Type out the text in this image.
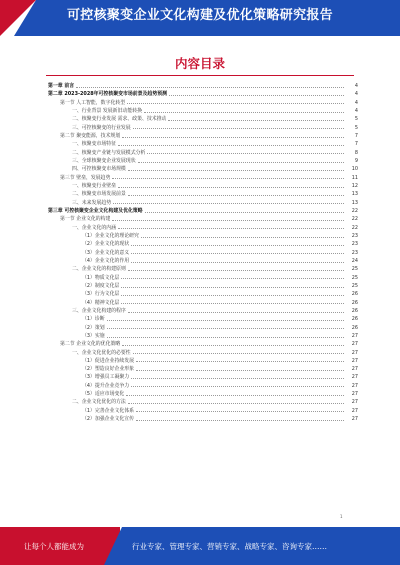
可控核聚变企业文化构建及优化策略研究报告
内容目录
第一章 前言	4
第二章 2023-2028年可控核聚变市场前景及趋势预测	4
第一节 人工智能，数字化转型	4
一、行业背景 发展新旧动能转换	4
二、核聚变行业发展 需求、政策、技术推动	5
三、可控核聚变的行业发展	5
第二节 聚变能源，技术规划	7
一、核聚变市场特征	7
二、核聚变产业链与发展模式分析	8
三、全球核聚变企业发展现状	9
四、可控核聚变市场规模	10
第三节 壁垒，发展趋势	11
一、核聚变行业壁垒	12
二、核聚变市场发展前景	13
三、未来发展趋势	13
第三章 可控核聚变企业文化构建及优化策略	22
第一节 企业文化的构建	22
一、企业文化的内涵	22
（1）企业文化的理论研究	23
（2）企业文化的现状	23
（3）企业文化的意义	23
（4）企业文化的作用	24
二、企业文化的构建原则	25
（1）物质文化层	25
（2）制度文化层	25
（3）行为文化层	26
（4）精神文化层	26
三、企业文化构建的程序	26
（1）诊断	26
（2）策划	26
（3）实施	27
第二节 企业文化的优化策略	27
一、企业文化优化的必要性	27
（1）促进企业持续发展	27
（2）塑造良好企业形象	27
（3）增强员工凝聚力	27
（4）提升企业竞争力	27
（5）适应市场变化	27
二、企业文化优化的方法	27
（1）完善企业文化体系	27
（2）加强企业文化宣传	27
1
让每个人都能成为	行业专家、管理专家、营销专家、战略专家、咨询专家……
